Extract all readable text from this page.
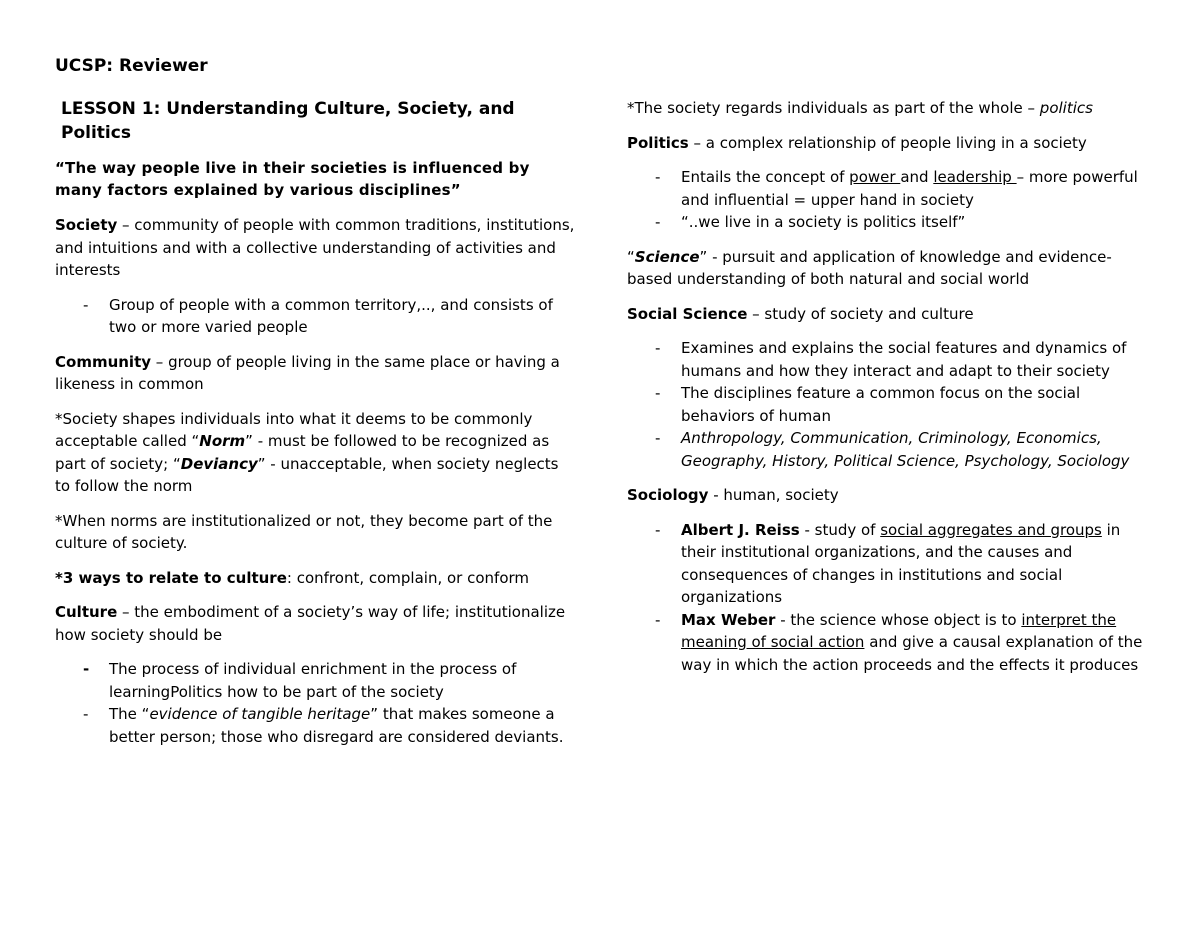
UCSP: Reviewer
LESSON 1: Understanding Culture, Society, and Politics
“The way people live in their societies is influenced by many factors explained by various disciplines”

Society – community of people with common traditions, institutions, and intuitions and with a collective understanding of activities and interests

- Group of people with a common territory,.., and consists of two or more varied people

Community – group of people living in the same place or having a likeness in common

*Society shapes individuals into what it deems to be commonly acceptable called “Norm” - must be followed to be recognized as part of society; “Deviancy” - unacceptable, when society neglects to follow the norm

*When norms are institutionalized or not, they become part of the culture of society.

*3 ways to relate to culture: confront, complain, or conform

Culture – the embodiment of a society’s way of life; institutionalize how society should be

- The process of individual enrichment in the process of learningPolitics how to be part of the society
- The “evidence of tangible heritage” that makes someone a better person; those who disregard are considered deviants.

*The society regards individuals as part of the whole – politics

Politics – a complex relationship of people living in a society

- Entails the concept of power and leadership – more powerful and influential = upper hand in society
- “..we live in a society is politics itself”

“Science” - pursuit and application of knowledge and evidence-based understanding of both natural and social world

Social Science – study of society and culture

- Examines and explains the social features and dynamics of humans and how they interact and adapt to their society
- The disciplines feature a common focus on the social behaviors of human
- Anthropology, Communication, Criminology, Economics, Geography, History, Political Science, Psychology, Sociology

Sociology - human, society

- Albert J. Reiss - study of social aggregates and groups in their institutional organizations, and the causes and consequences of changes in institutions and social organizations
- Max Weber - the science whose object is to interpret the meaning of social action and give a causal explanation of the way in which the action proceeds and the effects it produces
